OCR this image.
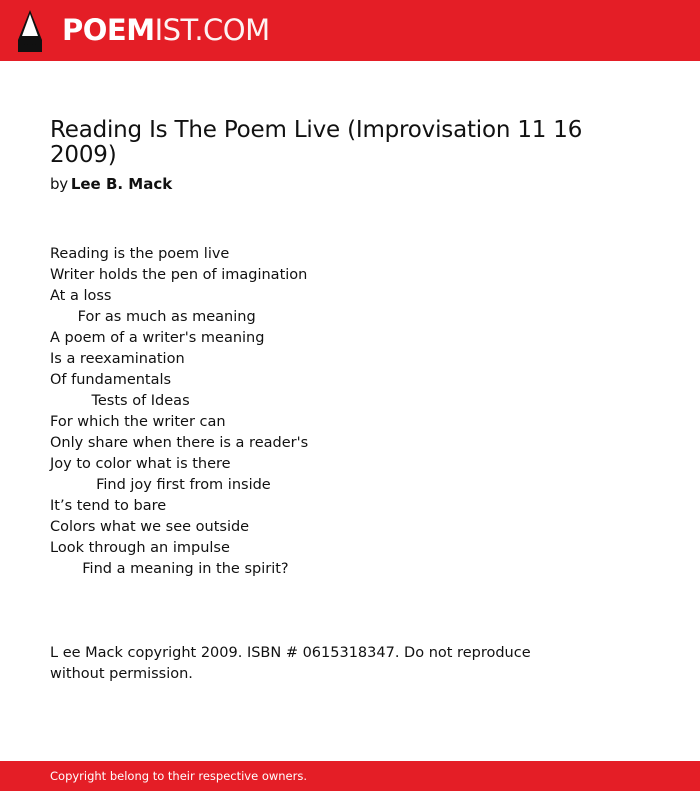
POEMIST.COM
Reading Is The Poem Live (Improvisation 11 16 2009)
by Lee B. Mack
Reading is the poem live
Writer holds the pen of imagination
At a loss
For as much as meaning
A poem of a writer's meaning
Is a reexamination
Of fundamentals
Tests of Ideas
For which the writer can
Only share when there is a reader's
Joy to color what is there
Find joy first from inside
It’s tend to bare
Colors what we see outside
Look through an impulse
Find a meaning in the spirit?

L ee Mack copyright 2009. ISBN # 0615318347. Do not reproduce without permission.

Copyright belong to their respective owners.
